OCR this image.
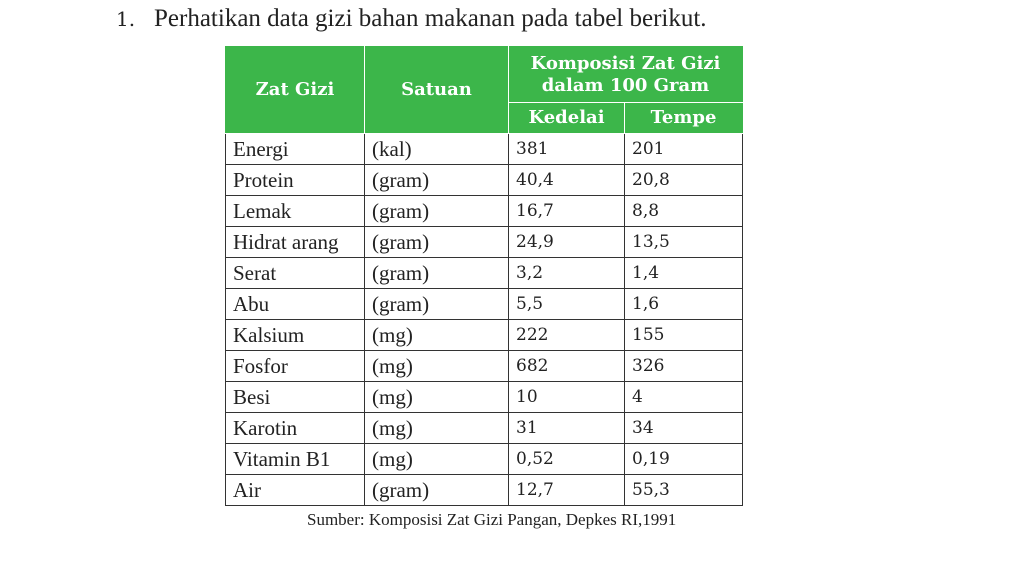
1. Perhatikan data gizi bahan makanan pada tabel berikut.
Zat Gizi	Satuan	Komposisi Zat Gizi
dalam 100 Gram	

		Kedelai	Tempe
Energi	(kal)	381	201
Protein	(gram)	40,4	20,8
Lemak	(gram)	16,7	8,8
Hidrat arang	(gram)	24,9	13,5
Serat	(gram)	3,2	1,4
Abu	(gram)	5,5	1,6
Kalsium	(mg)	222	155
Fosfor	(mg)	682	326
Besi	(mg)	10	4
Karotin	(mg)	31	34
Vitamin B1	(mg)	0,52	0,19
Air	(gram)	12,7	55,3
Sumber: Komposisi Zat Gizi Pangan, Depkes RI,1991
